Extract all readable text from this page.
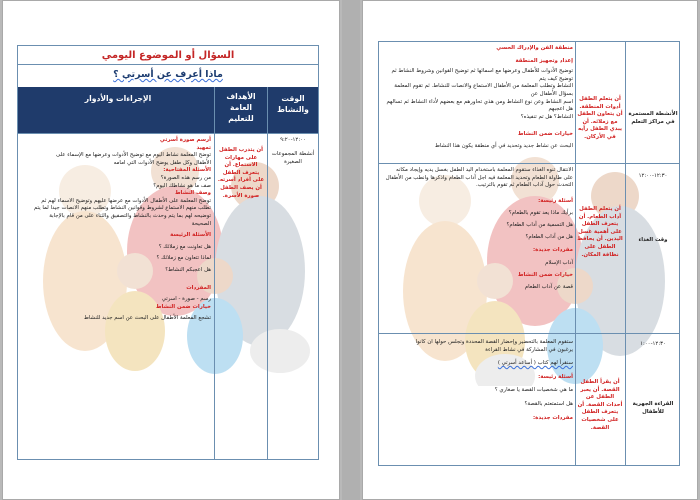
السؤال أو الموضوع اليومي
ماذا أعرف عن أسرتي ؟
الإجراءات والأدوار	الأهداف العامة للتعليم
الوقت والنشاط
١٢:٠٠-٩:٢٠
أنشطة المجموعات الصغيرة
أن يتدرب الطفل على مهارات الاستماع. أن يتعرف الطفل على أفراد أسرته. أن يصف الطفل صورة الأسرة.
أرسم صورة أسرتي
تمهيد
توضح المعلمة نشاط اليوم مع توضيح الأدوات وعرضها مع الإسماء على
الأطفال وكل طفل يوضح الأدوات التي امامه
الأسئلة المفتاحية:
من رسم هذه الصورة؟
صف ما هو نشاطك اليوم؟
وصف النشاط
توضح المعلمة على الأطفال الأدوات مع عرضها عليهم وتوضيح الاسماء لهم ثم
تطلب منهم الاستماع لشروط وقوانين النشاط وتطلب منهم الانصات جيدا لما يتم
توضيحه لهم بما يتم وحدث بالنشاط والتصفيق والثناء على من قام بالإجابة
الصحيحة
الأسئلة الرئيسة
هل تعاونت مع زملائك ؟
لماذا تتعاون مع زملائك ؟
هل اعجبكم النشاط؟
المفردات
رسم - صورة - اسرتي
خيارات ضمن النشاط
تشجع المعلمة الأطفال على البحث عن اسم جديد للنشاط
الأنشطة المستمرة في مراكز التعلم
أن يتعلم الطفل أدوات المنطقة. أن يتعاون الطفل مع زملائه. أن يبدي الطفل رأيه في الأركان.
منطقة الفن والإدراك الحسي
إعداد وتجهيز المنطقة
توضيح الأدوات للأطفال وعرضها مع اسمائها ثم توضيح القوانين وشروط النشاط ثم توضيح كيف يتم
النشاط وتطلب المعلمة من الأطفال الاستماع والانصات للنشاط. ثم تقوم المعلمة بسؤال الأطفال عن
اسم النشاط وعن نوع النشاط ومن هذي تحاورهم مع بعضهم لأداء النشاط ثم تسالهم هل اعجبهم
النشاط؟ هل تم تنفيذه؟
خيارات ضمن النشاط
البحث عن نشاط جديد وتحديد في أي منطقة يكون هذا النشاط
١٢:٣٠-١٢:٠٠
وقت الغذاء
أن يتعلم الطفل آداب الطعام. أن يتعرف الطفل على أهمية غسل اليدين. أن يحافظ الطفل على نظافة المكان.
الانتقال تنوه الغذاء ستقوم المعلمة باستخدام اليد الطفل بغسل يديه وإيجاد مكانه
على طاولة الطعام وتحديد المعلمة فيه اجل آداب الطعام واذكرها وانطب من الأطفال
التحدث حول آداب الطعام ثم تقوم بالترتيب.
أسئلة رئيسة:
برأيك ماذا يعد تقوم بالطعام؟
هل التسمية من آداب الطعام؟
هل من آداب الطعام؟
مفردات جديدة:
آداب الإسلام
خيارات ضمن النشاط
قصة عن آداب الطعام
١٢:٣٠-١:٠٠
القراءة الجهرية للأطفال
أن يقرأ الطفل القصة. أن يعبر الطفل عن أحداث القصة. أن يتعرف الطفل على شخصيات القصة.
ستقوم المعلمة بالتحضير وإحضار القصة المحددة وتجلس حولها ان كانوا
يرغبون في المشاركة في نشاط القراءة
سنقرأ لهم كتاب ( أساعد أسرتي )
أسئلة رئيسة:
ما هي شخصيات القصة يا صغاري ؟
هل استمتعتم بالقصة؟
مفردات جديدة:
